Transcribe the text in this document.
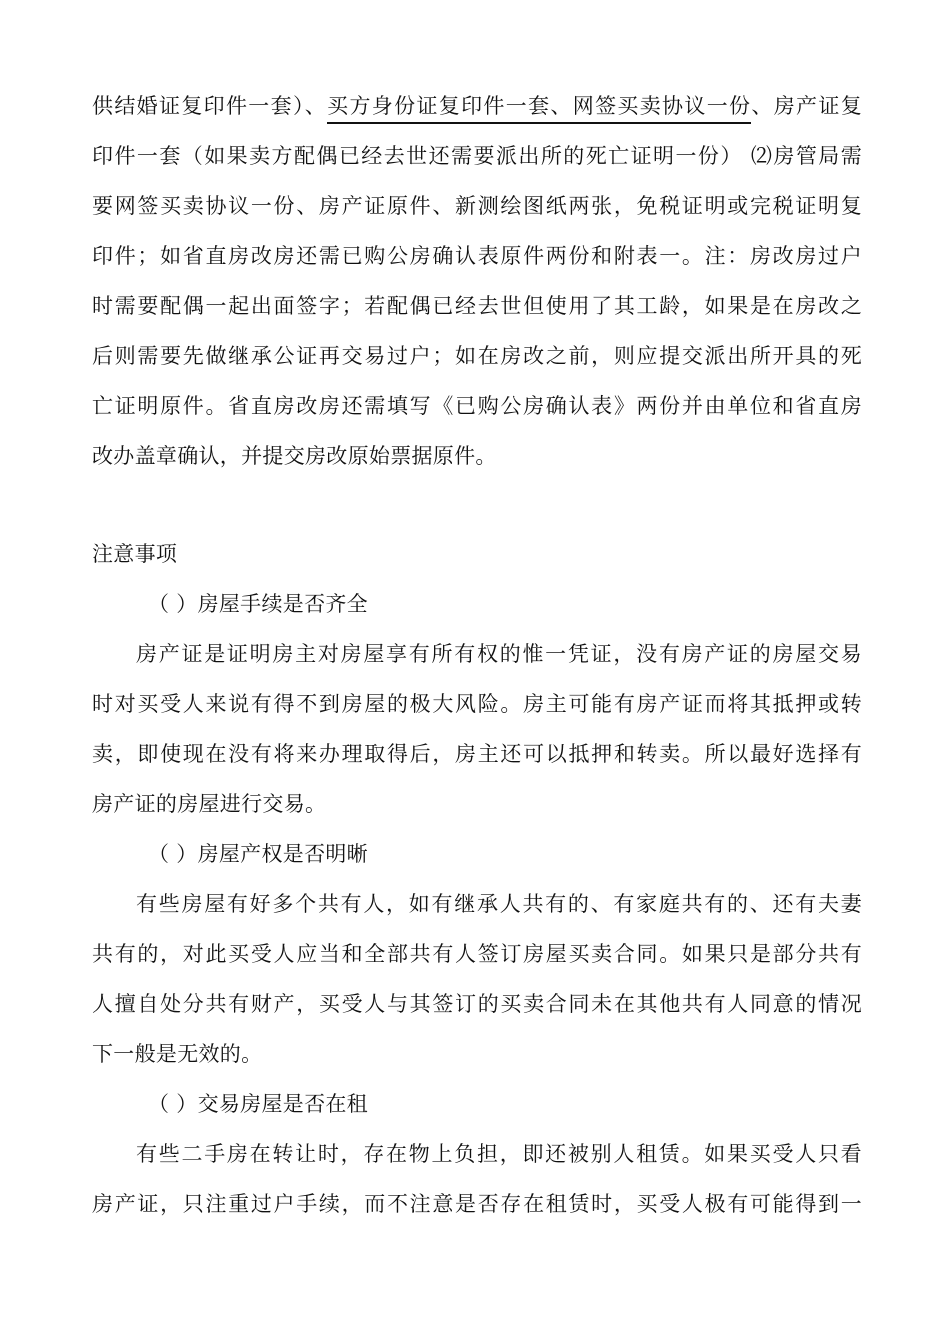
供结婚证复印件一套）、买方身份证复印件一套、网签买卖协议一份、房产证复
印件一套（如果卖方配偶已经去世还需要派出所的死亡证明一份） ⑵房管局需
要网签买卖协议一份、房产证原件、新测绘图纸两张，免税证明或完税证明复
印件；如省直房改房还需已购公房确认表原件两份和附表一。注：房改房过户
时需要配偶一起出面签字；若配偶已经去世但使用了其工龄，如果是在房改之
后则需要先做继承公证再交易过户；如在房改之前，则应提交派出所开具的死
亡证明原件。省直房改房还需填写《已购公房确认表》两份并由单位和省直房
改办盖章确认，并提交房改原始票据原件。
注意事项
（ ）房屋手续是否齐全
房产证是证明房主对房屋享有所有权的惟一凭证，没有房产证的房屋交易
时对买受人来说有得不到房屋的极大风险。房主可能有房产证而将其抵押或转
卖，即使现在没有将来办理取得后，房主还可以抵押和转卖。所以最好选择有
房产证的房屋进行交易。
（ ）房屋产权是否明晰
有些房屋有好多个共有人，如有继承人共有的、有家庭共有的、还有夫妻
共有的，对此买受人应当和全部共有人签订房屋买卖合同。如果只是部分共有
人擅自处分共有财产，买受人与其签订的买卖合同未在其他共有人同意的情况
下一般是无效的。
（ ）交易房屋是否在租
有些二手房在转让时，存在物上负担，即还被别人租赁。如果买受人只看
房产证，只注重过户手续，而不注意是否存在租赁时，买受人极有可能得到一
